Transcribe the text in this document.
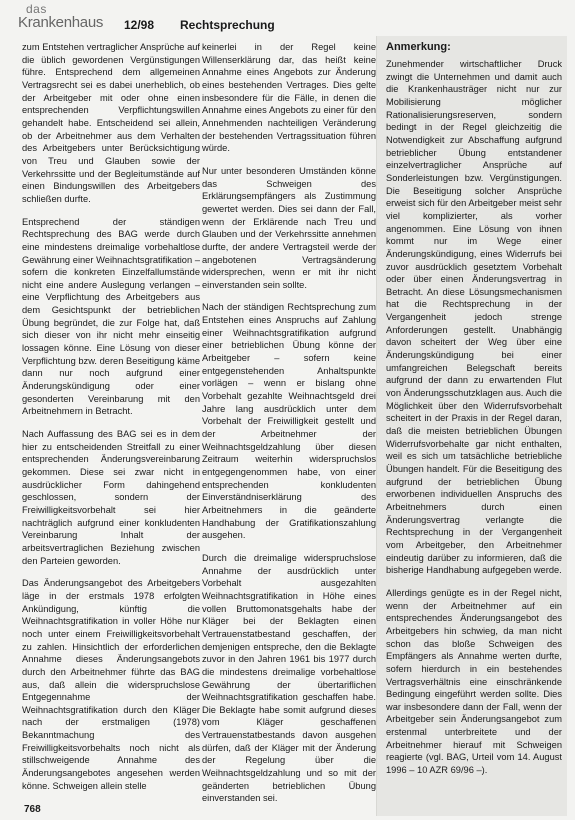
das
Krankenhaus 12/98 Rechtsprechung

zum Entstehen vertraglicher Ansprüche auf die üblich gewordenen Vergünstigungen führe. Entsprechend dem allgemeinen Vertragsrecht sei es dabei unerheblich, ob der Arbeitgeber mit oder ohne einen entsprechenden Verpflichtungswillen gehandelt habe. Entscheidend sei allein, ob der Arbeitnehmer aus dem Verhalten des Arbeitgebers unter Berücksichtigung von Treu und Glauben sowie der Verkehrssitte und der Begleitumstände auf einen Bindungswillen des Arbeitgebers schließen durfte.

Entsprechend der ständigen Rechtsprechung des BAG werde durch eine mindestens dreimalige vorbehaltlose Gewährung einer Weihnachtsgratifikation – sofern die konkreten Einzelfallumstände nicht eine andere Auslegung verlangen – eine Verpflichtung des Arbeitgebers aus dem Gesichtspunkt der betrieblichen Übung begründet, die zur Folge hat, daß sich dieser von ihr nicht mehr einseitig lossagen könne. Eine Lösung von dieser Verpflichtung bzw. deren Beseitigung käme dann nur noch aufgrund einer Änderungskündigung oder einer gesonderten Vereinbarung mit den Arbeitnehmern in Betracht.

Nach Auffassung des BAG sei es in dem hier zu entscheidenden Streitfall zu einer entsprechenden Änderungsvereinbarung gekommen. Diese sei zwar nicht in ausdrücklicher Form dahingehend geschlossen, sondern der Freiwilligkeitsvorbehalt sei hier nachträglich aufgrund einer konkludenten Vereinbarung Inhalt der arbeitsvertraglichen Beziehung zwischen den Parteien geworden.

Das Änderungsangebot des Arbeitgebers läge in der erstmals 1978 erfolgten Ankündigung, künftig die Weihnachtsgratifikation in voller Höhe nur noch unter einem Freiwilligkeitsvorbehalt zu zahlen. Hinsichtlich der erforderlichen Annahme dieses Änderungsangebots durch den Arbeitnehmer führte das BAG aus, daß allein die widerspruchslose Entgegennahme der Weihnachtsgratifikation durch den Kläger nach der erstmaligen (1978) Bekanntmachung des Freiwilligkeitsvorbehalts noch nicht als stillschweigende Annahme des Änderungsangebotes angesehen werden könne. Schweigen allein stelle

keinerlei in der Regel keine Willenserklärung dar, das heißt keine Annahme eines Angebots zur Änderung eines bestehenden Vertrages. Dies gelte insbesondere für die Fälle, in denen die Annahme eines Angebots zu einer für den Annehmenden nachteiligen Veränderung der bestehenden Vertragssituation führen würde.

Nur unter besonderen Umständen könne das Schweigen des Erklärungsempfängers als Zustimmung gewertet werden. Dies sei dann der Fall, wenn der Erklärende nach Treu und Glauben und der Verkehrssitte annehmen durfte, der andere Vertragsteil werde der angebotenen Vertragsänderung widersprechen, wenn er mit ihr nicht einverstanden sein sollte.

Nach der ständigen Rechtsprechung zum Entstehen eines Anspruchs auf Zahlung einer Weihnachtsgratifikation aufgrund einer betrieblichen Übung könne der Arbeitgeber – sofern keine entgegenstehenden Anhaltspunkte vorlägen – wenn er bislang ohne Vorbehalt gezahlte Weihnachtsgeld drei Jahre lang ausdrücklich unter dem Vorbehalt der Freiwilligkeit gestellt und der Arbeitnehmer der Weihnachtsgeldzahlung über diesen Zeitraum weiterhin widerspruchslos entgegengenommen habe, von einer entsprechenden konkludenten Einverständniserklärung des Arbeitnehmers in die geänderte Handhabung der Gratifikationszahlung ausgehen.

Durch die dreimalige widerspruchslose Annahme der ausdrücklich unter Vorbehalt ausgezahlten Weihnachtsgratifikation in Höhe eines vollen Bruttomonatsgehalts habe der Kläger bei der Beklagten einen Vertrauenstatbestand geschaffen, der demjenigen entspreche, den die Beklagte zuvor in den Jahren 1961 bis 1977 durch die mindestens dreimalige vorbehaltlose Gewährung der übertariflichen Weihnachtsgratifikation geschaffen habe. Die Beklagte habe somit aufgrund dieses vom Kläger geschaffenen Vertrauenstatbestands davon ausgehen dürfen, daß der Kläger mit der Änderung der Regelung über die Weihnachtsgeldzahlung und so mit der geänderten betrieblichen Übung einverstanden sei.

Anmerkung:

Zunehmender wirtschaftlicher Druck zwingt die Unternehmen und damit auch die Krankenhausträger nicht nur zur Mobilisierung möglicher Rationalisierungsreserven, sondern bedingt in der Regel gleichzeitig die Notwendigkeit zur Abschaffung aufgrund betrieblicher Übung entstandener einzelvertraglicher Ansprüche auf Sonderleistungen bzw. Vergünstigungen. Die Beseitigung solcher Ansprüche erweist sich für den Arbeitgeber meist sehr viel komplizierter, als vorher angenommen. Eine Lösung von ihnen kommt nur im Wege einer Änderungskündigung, eines Widerrufs bei zuvor ausdrücklich gesetztem Vorbehalt oder über einen Änderungsvertrag in Betracht. An diese Lösungsmechanismen hat die Rechtsprechung in der Vergangenheit jedoch strenge Anforderungen gestellt. Unabhängig davon scheitert der Weg über eine Änderungskündigung bei einer umfangreichen Belegschaft bereits aufgrund der dann zu erwartenden Flut von Änderungsschutzklagen aus. Auch die Möglichkeit über den Widerrufsvorbehalt scheitert in der Praxis in der Regel daran, daß die meisten betrieblichen Übungen Widerrufsvorbehalte gar nicht enthalten, weil es sich um tatsächliche betriebliche Übungen handelt. Für die Beseitigung des aufgrund der betrieblichen Übung erworbenen individuellen Anspruchs des Arbeitnehmers durch einen Änderungsvertrag verlangte die Rechtsprechung in der Vergangenheit vom Arbeitgeber, den Arbeitnehmer eindeutig darüber zu informieren, daß die bisherige Handhabung aufgegeben werde.

Allerdings genügte es in der Regel nicht, wenn der Arbeitnehmer auf ein entsprechendes Änderungsangebot des Arbeitgebers hin schwieg, da man nicht schon das bloße Schweigen des Empfängers als Annahme werten durfte, sofern hierdurch in ein bestehendes Vertragsverhältnis eine einschränkende Bedingung eingeführt werden sollte. Dies war insbesondere dann der Fall, wenn der Arbeitgeber sein Änderungsangebot zum erstenmal unterbreitete und der Arbeitnehmer hierauf mit Schweigen reagierte (vgl. BAG, Urteil vom 14. August 1996 – 10 AZR 69/96 –).

768
